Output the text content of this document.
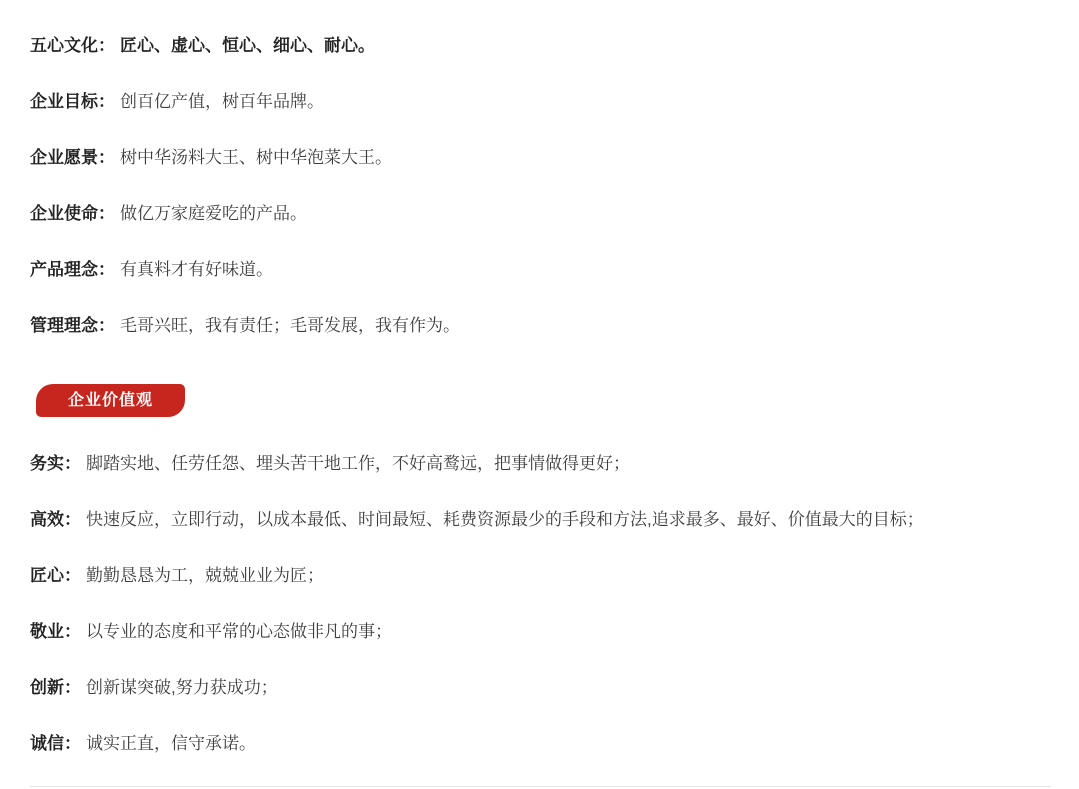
五心文化： 匠心、虚心、恒心、细心、耐心。

企业目标： 创百亿产值，树百年品牌。

企业愿景： 树中华汤料大王、树中华泡菜大王。

企业使命： 做亿万家庭爱吃的产品。

产品理念： 有真料才有好味道。

管理理念： 毛哥兴旺，我有责任；毛哥发展，我有作为。

企业价值观

务实： 脚踏实地、任劳任怨、埋头苦干地工作，不好高鹜远，把事情做得更好；

高效： 快速反应，立即行动，以成本最低、时间最短、耗费资源最少的手段和方法,追求最多、最好、价值最大的目标；

匠心： 勤勤恳恳为工，兢兢业业为匠；

敬业： 以专业的态度和平常的心态做非凡的事；

创新： 创新谋突破,努力获成功；

诚信： 诚实正直，信守承诺。
